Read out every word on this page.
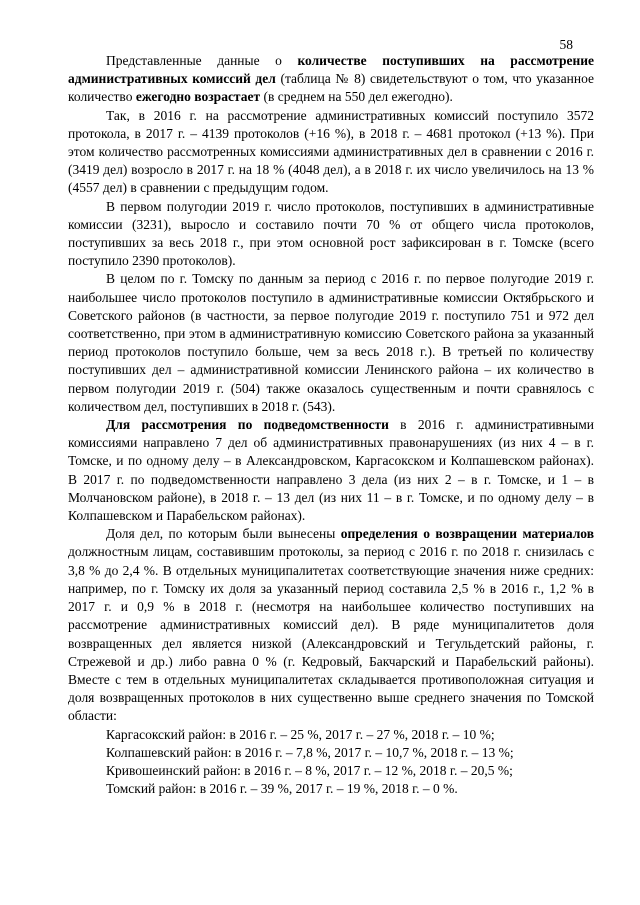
58

Представленные данные о количестве поступивших на рассмотрение административных комиссий дел (таблица № 8) свидетельствуют о том, что указанное количество ежегодно возрастает (в среднем на 550 дел ежегодно).

Так, в 2016 г. на рассмотрение административных комиссий поступило 3572 протокола, в 2017 г. – 4139 протоколов (+16 %), в 2018 г. – 4681 протокол (+13 %). При этом количество рассмотренных комиссиями административных дел в сравнении с 2016 г. (3419 дел) возросло в 2017 г. на 18 % (4048 дел), а в 2018 г. их число увеличилось на 13 % (4557 дел) в сравнении с предыдущим годом.

В первом полугодии 2019 г. число протоколов, поступивших в административные комиссии (3231), выросло и составило почти 70 % от общего числа протоколов, поступивших за весь 2018 г., при этом основной рост зафиксирован в г. Томске (всего поступило 2390 протоколов).

В целом по г. Томску по данным за период с 2016 г. по первое полугодие 2019 г. наибольшее число протоколов поступило в административные комиссии Октябрьского и Советского районов (в частности, за первое полугодие 2019 г. поступило 751 и 972 дел соответственно, при этом в административную комиссию Советского района за указанный период протоколов поступило больше, чем за весь 2018 г.). В третьей по количеству поступивших дел – административной комиссии Ленинского района – их количество в первом полугодии 2019 г. (504) также оказалось существенным и почти сравнялось с количеством дел, поступивших в 2018 г. (543).

Для рассмотрения по подведомственности в 2016 г. административными комиссиями направлено 7 дел об административных правонарушениях (из них 4 – в г. Томске, и по одному делу – в Александровском, Каргасокском и Колпашевском районах). В 2017 г. по подведомственности направлено 3 дела (из них 2 – в г. Томске, и 1 – в Молчановском районе), в 2018 г. – 13 дел (из них 11 – в г. Томске, и по одному делу – в Колпашевском и Парабельском районах).

Доля дел, по которым были вынесены определения о возвращении материалов должностным лицам, составившим протоколы, за период с 2016 г. по 2018 г. снизилась с 3,8 % до 2,4 %. В отдельных муниципалитетах соответствующие значения ниже средних: например, по г. Томску их доля за указанный период составила 2,5 % в 2016 г., 1,2 % в 2017 г. и 0,9 % в 2018 г. (несмотря на наибольшее количество поступивших на рассмотрение административных комиссий дел). В ряде муниципалитетов доля возвращенных дел является низкой (Александровский и Тегульдетский районы, г. Стрежевой и др.) либо равна 0 % (г. Кедровый, Бакчарский и Парабельский районы). Вместе с тем в отдельных муниципалитетах складывается противоположная ситуация и доля возвращенных протоколов в них существенно выше среднего значения по Томской области:

Каргасокский район: в 2016 г. – 25 %, 2017 г. – 27 %, 2018 г. – 10 %;

Колпашевский район: в 2016 г. – 7,8 %, 2017 г. – 10,7 %, 2018 г. – 13 %;

Кривошеинский район: в 2016 г. – 8 %, 2017 г. – 12 %, 2018 г. – 20,5 %;

Томский район: в 2016 г. – 39 %, 2017 г. – 19 %, 2018 г. – 0 %.
